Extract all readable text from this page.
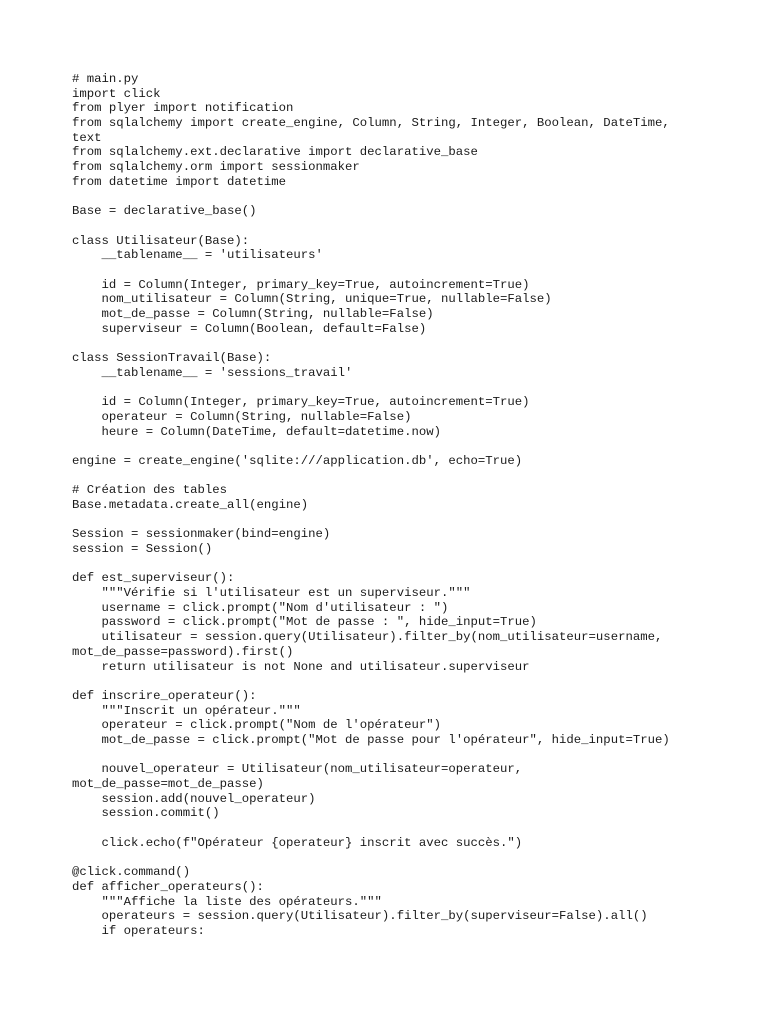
# main.py
import click
from plyer import notification
from sqlalchemy import create_engine, Column, String, Integer, Boolean, DateTime,
text
from sqlalchemy.ext.declarative import declarative_base
from sqlalchemy.orm import sessionmaker
from datetime import datetime
Base = declarative_base()
class Utilisateur(Base):
__tablename__ = 'utilisateurs'
id = Column(Integer, primary_key=True, autoincrement=True)
nom_utilisateur = Column(String, unique=True, nullable=False)
mot_de_passe = Column(String, nullable=False)
superviseur = Column(Boolean, default=False)
class SessionTravail(Base):
__tablename__ = 'sessions_travail'
id = Column(Integer, primary_key=True, autoincrement=True)
operateur = Column(String, nullable=False)
heure = Column(DateTime, default=datetime.now)
engine = create_engine('sqlite:///application.db', echo=True)
# Création des tables
Base.metadata.create_all(engine)
Session = sessionmaker(bind=engine)
session = Session()
def est_superviseur():
"""Vérifie si l'utilisateur est un superviseur."""
username = click.prompt("Nom d'utilisateur : ")
password = click.prompt("Mot de passe : ", hide_input=True)
utilisateur = session.query(Utilisateur).filter_by(nom_utilisateur=username,
mot_de_passe=password).first()
return utilisateur is not None and utilisateur.superviseur
def inscrire_operateur():
"""Inscrit un opérateur."""
operateur = click.prompt("Nom de l'opérateur")
mot_de_passe = click.prompt("Mot de passe pour l'opérateur", hide_input=True)
nouvel_operateur = Utilisateur(nom_utilisateur=operateur,
mot_de_passe=mot_de_passe)
session.add(nouvel_operateur)
session.commit()
click.echo(f"Opérateur {operateur} inscrit avec succès.")
@click.command()
def afficher_operateurs():
"""Affiche la liste des opérateurs."""
operateurs = session.query(Utilisateur).filter_by(superviseur=False).all()
if operateurs:
